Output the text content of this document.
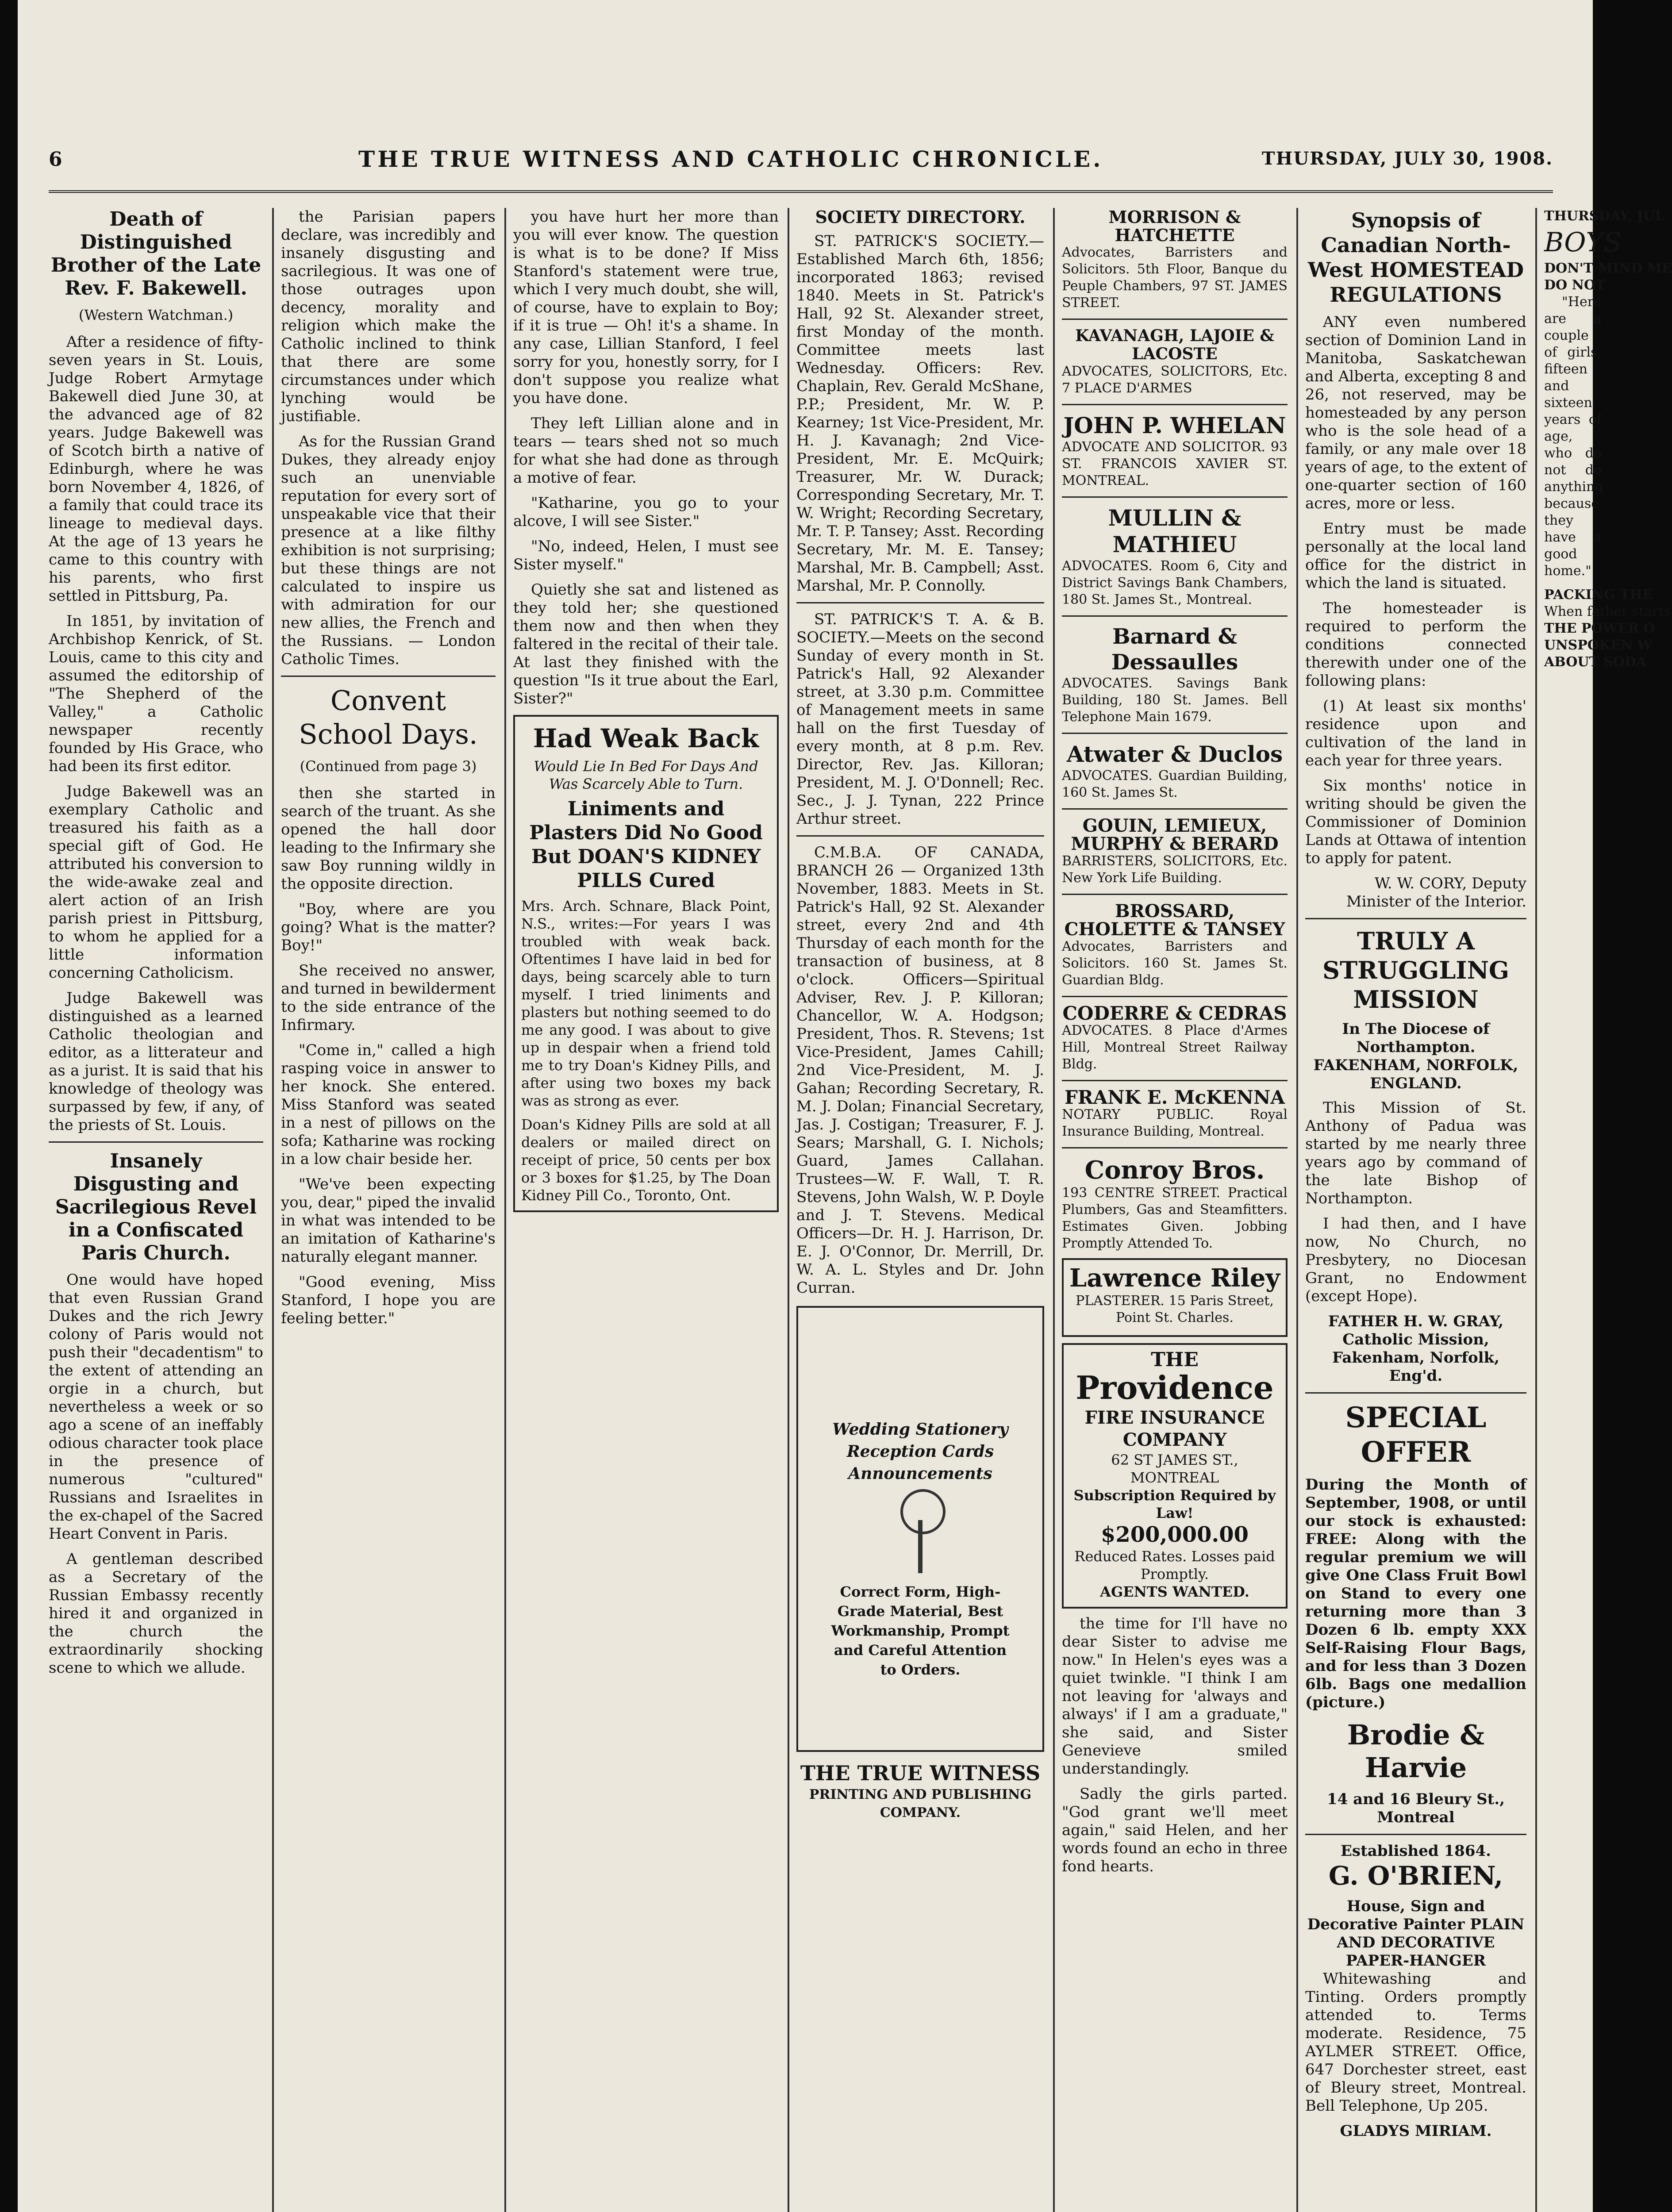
6	THE TRUE WITNESS AND CATHOLIC CHRONICLE.	THURSDAY, JULY 30, 1908.
Death of Distinguished Brother of the Late Rev. F. Bakewell.
(Western Watchman.)

After a residence of fifty-seven years in St. Louis, Judge Robert Armytage Bakewell died June 30, at the advanced age of 82 years. Judge Bakewell was of Scotch birth a native of Edinburgh, where he was born November 4, 1826, of a family that could trace its lineage to medieval days. At the age of 13 years he came to this country with his parents, who first settled in Pittsburg, Pa.

In 1851, by invitation of Archbishop Kenrick, of St. Louis, came to this city and assumed the editorship of "The Shepherd of the Valley," a Catholic newspaper recently founded by His Grace, who had been its first editor.

Judge Bakewell was an exemplary Catholic and treasured his faith as a special gift of God. He attributed his conversion to the wide-awake zeal and alert action of an Irish parish priest in Pittsburg, to whom he applied for a little information concerning Catholicism.

Judge Bakewell was distinguished as a learned Catholic theologian and editor, as a litterateur and as a jurist. It is said that his knowledge of theology was surpassed by few, if any, of the priests of St. Louis.

Insanely Disgusting and Sacrilegious Revel in a Confiscated Paris Church.

One would have hoped that even Russian Grand Dukes and the rich Jewry colony of Paris would not push their "decadentism" to the extent of attending an orgie in a church, but nevertheless a week or so ago a scene of an ineffably odious character took place in the presence of numerous "cultured" Russians and Israelites in the ex-chapel of the Sacred Heart Convent in Paris.

A gentleman described as a Secretary of the Russian Embassy recently hired it and organized in the church the extraordinarily shocking scene to which we allude.

the Parisian papers declare, was incredibly and insanely disgusting and sacrilegious. It was one of those outrages upon decency, morality and religion which make the Catholic inclined to think that there are some circumstances under which lynching would be justifiable.

As for the Russian Grand Dukes, they already enjoy such an unenviable reputation for every sort of unspeakable vice that their presence at a like filthy exhibition is not surprising; but these things are not calculated to inspire us with admiration for our new allies, the French and the Russians. — London Catholic Times.

Convent School Days.
(Continued from page 3)

then she started in search of the truant. As she opened the hall door leading to the Infirmary she saw Boy running wildly in the opposite direction.

"Boy, where are you going? What is the matter? Boy!"

She received no answer, and turned in bewilderment to the side entrance of the Infirmary.

"Come in," called a high rasping voice in answer to her knock. She entered. Miss Stanford was seated in a nest of pillows on the sofa; Katharine was rocking in a low chair beside her.

"We've been expecting you, dear," piped the invalid in what was intended to be an imitation of Katharine's naturally elegant manner.

"Good evening, Miss Stanford, I hope you are feeling better."

you have hurt her more than you will ever know. The question is what is to be done? If Miss Stanford's statement were true, which I very much doubt, she will, of course, have to explain to Boy; if it is true — Oh! it's a shame. In any case, Lillian Stanford, I feel sorry for you, honestly sorry, for I don't suppose you realize what you have done.

They left Lillian alone and in tears — tears shed not so much for what she had done as through a motive of fear.

"Katharine, you go to your alcove, I will see Sister."

"No, indeed, Helen, I must see Sister myself."

Quietly she sat and listened as they told her; she questioned them now and then when they faltered in the recital of their tale. At last they finished with the question "Is it true about the Earl, Sister?"

Had Weak Back
Would Lie In Bed For Days And Was Scarcely Able to Turn.
Liniments and Plasters Did No Good But DOAN'S KIDNEY PILLS Cured
Mrs. Arch. Schnare, Black Point, N.S., writes:—For years I was troubled with weak back. Oftentimes I have laid in bed for days, being scarcely able to turn myself. I tried liniments and plasters but nothing seemed to do me any good. I was about to give up in despair when a friend told me to try Doan's Kidney Pills, and after using two boxes my back was as strong as ever.
Doan's Kidney Pills are sold at all dealers or mailed direct on receipt of price, 50 cents per box or 3 boxes for $1.25, by The Doan Kidney Pill Co., Toronto, Ont.
SOCIETY DIRECTORY.

ST. PATRICK'S SOCIETY.—Established March 6th, 1856; incorporated 1863; revised 1840. Meets in St. Patrick's Hall, 92 St. Alexander street, first Monday of the month. Committee meets last Wednesday. Officers: Rev. Chaplain, Rev. Gerald McShane, P.P.; President, Mr. W. P. Kearney; 1st Vice-President, Mr. H. J. Kavanagh; 2nd Vice-President, Mr. E. McQuirk; Treasurer, Mr. W. Durack; Corresponding Secretary, Mr. T. W. Wright; Recording Secretary, Mr. T. P. Tansey; Asst. Recording Secretary, Mr. M. E. Tansey; Marshal, Mr. B. Campbell; Asst. Marshal, Mr. P. Connolly.

ST. PATRICK'S T. A. & B. SOCIETY.—Meets on the second Sunday of every month in St. Patrick's Hall, 92 Alexander street, at 3.30 p.m. Committee of Management meets in same hall on the first Tuesday of every month, at 8 p.m. Rev. Director, Rev. Jas. Killoran; President, M. J. O'Donnell; Rec. Sec., J. J. Tynan, 222 Prince Arthur street.

C.M.B.A. OF CANADA, BRANCH 26 — Organized 13th November, 1883. Meets in St. Patrick's Hall, 92 St. Alexander street, every 2nd and 4th Thursday of each month for the transaction of business, at 8 o'clock. Officers—Spiritual Adviser, Rev. J. P. Killoran; Chancellor, W. A. Hodgson; President, Thos. R. Stevens; 1st Vice-President, James Cahill; 2nd Vice-President, M. J. Gahan; Recording Secretary, R. M. J. Dolan; Financial Secretary, Jas. J. Costigan; Treasurer, F. J. Sears; Marshall, G. I. Nichols; Guard, James Callahan. Trustees—W. F. Wall, T. R. Stevens, John Walsh, W. P. Doyle and J. T. Stevens. Medical Officers—Dr. H. J. Harrison, Dr. E. J. O'Connor, Dr. Merrill, Dr. W. A. L. Styles and Dr. John Curran.

Wedding Stationery
Reception Cards
Announcements
Correct Form, High-Grade Material, Best Workmanship, Prompt and Careful Attention to Orders.
THE TRUE WITNESS
PRINTING AND PUBLISHING COMPANY.
MORRISON & HATCHETTE
Advocates, Barristers and Solicitors. 5th Floor, Banque du Peuple Chambers, 97 ST. JAMES STREET.
KAVANAGH, LAJOIE & LACOSTE
ADVOCATES, SOLICITORS, Etc. 7 PLACE D'ARMES
JOHN P. WHELAN
ADVOCATE AND SOLICITOR. 93 ST. FRANCOIS XAVIER ST. MONTREAL.
MULLIN & MATHIEU
ADVOCATES. Room 6, City and District Savings Bank Chambers, 180 St. James St., Montreal.
Barnard & Dessaulles
ADVOCATES. Savings Bank Building, 180 St. James. Bell Telephone Main 1679.
Atwater & Duclos
ADVOCATES. Guardian Building, 160 St. James St.
GOUIN, LEMIEUX, MURPHY & BERARD
BARRISTERS, SOLICITORS, Etc. New York Life Building.
BROSSARD, CHOLETTE & TANSEY
Advocates, Barristers and Solicitors. 160 St. James St. Guardian Bldg.
CODERRE & CEDRAS
ADVOCATES. 8 Place d'Armes Hill, Montreal Street Railway Bldg.
FRANK E. McKENNA
NOTARY PUBLIC. Royal Insurance Building, Montreal.
Conroy Bros.
193 CENTRE STREET. Practical Plumbers, Gas and Steamfitters. Estimates Given. Jobbing Promptly Attended To.
Lawrence Riley
PLASTERER. 15 Paris Street, Point St. Charles.
THE
Providence
FIRE INSURANCE COMPANY
62 ST JAMES ST., MONTREAL
Subscription Required by Law!
$200,000.00
Reduced Rates. Losses paid Promptly.
AGENTS WANTED.

the time for I'll have no dear Sister to advise me now." In Helen's eyes was a quiet twinkle. "I think I am not leaving for 'always and always' if I am a graduate," she said, and Sister Genevieve smiled understandingly.

Sadly the girls parted. "God grant we'll meet again," said Helen, and her words found an echo in three fond hearts.

Synopsis of Canadian North-West HOMESTEAD REGULATIONS

ANY even numbered section of Dominion Land in Manitoba, Saskatchewan and Alberta, excepting 8 and 26, not reserved, may be homesteaded by any person who is the sole head of a family, or any male over 18 years of age, to the extent of one-quarter section of 160 acres, more or less.

Entry must be made personally at the local land office for the district in which the land is situated.

The homesteader is required to perform the conditions connected therewith under one of the following plans:

(1) At least six months' residence upon and cultivation of the land in each year for three years.

Six months' notice in writing should be given the Commissioner of Dominion Lands at Ottawa of intention to apply for patent.

W. W. CORY, Deputy Minister of the Interior.
TRULY A STRUGGLING MISSION
In The Diocese of Northampton. FAKENHAM, NORFOLK, ENGLAND.

This Mission of St. Anthony of Padua was started by me nearly three years ago by command of the late Bishop of Northampton.

I had then, and I have now, No Church, no Presbytery, no Diocesan Grant, no Endowment (except Hope).

FATHER H. W. GRAY, Catholic Mission, Fakenham, Norfolk, Eng'd.
SPECIAL OFFER

During the Month of September, 1908, or until our stock is exhausted: FREE: Along with the regular premium we will give One Class Fruit Bowl on Stand to every one returning more than 3 Dozen 6 lb. empty XXX Self-Raising Flour Bags, and for less than 3 Dozen 6lb. Bags one medallion (picture.)

Brodie & Harvie
14 and 16 Bleury St., Montreal
Established 1864.
G. O'BRIEN,
House, Sign and Decorative Painter PLAIN AND DECORATIVE PAPER-HANGER

Whitewashing and Tinting. Orders promptly attended to. Terms moderate. Residence, 75 AYLMER STREET. Office, 647 Dorchester street, east of Bleury street, Montreal. Bell Telephone, Up 205.

GLADYS MIRIAM.
THURSDAY, JUL
BOYS
DON'T MIND ME
DO NOT

"Here are a couple of girls, fifteen and sixteen years of age, who do not do anything because they have a good home."

PACKING THE
When father starts
THE POWER O
UNSPOKEN W
ABOUT SODA
